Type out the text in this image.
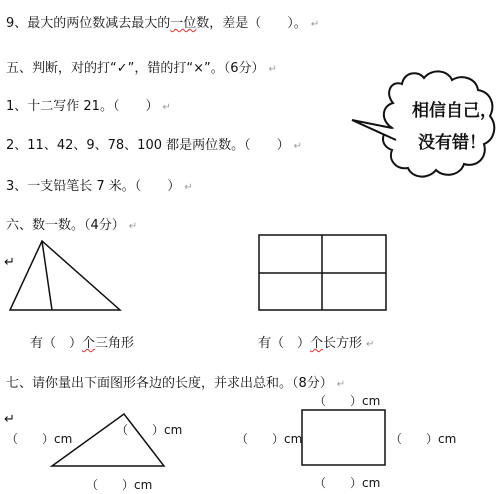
相信自己，
没有错！
9、最大的两位数减去最大的一位数，差是（　　）。 ↵
五、判断，对的打“✓”，错的打“×”。（6分） ↵
1、十二写作 21。（　　） ↵
2、11、42、9、78、100 都是两位数。（　　） ↵
3、一支铅笔长 7 米。（　　） ↵
六、数一数。（4分） ↵
↵
有（　）个三角形	有（　）个长方形 ↵
七、请你量出下面图形各边的长度，并求出总和。（8分） ↵
↵
（　　）cm
（　　）cm
（　　）cm
（　　）cm
（　　）cm	（　　）cm
（　　）cm
